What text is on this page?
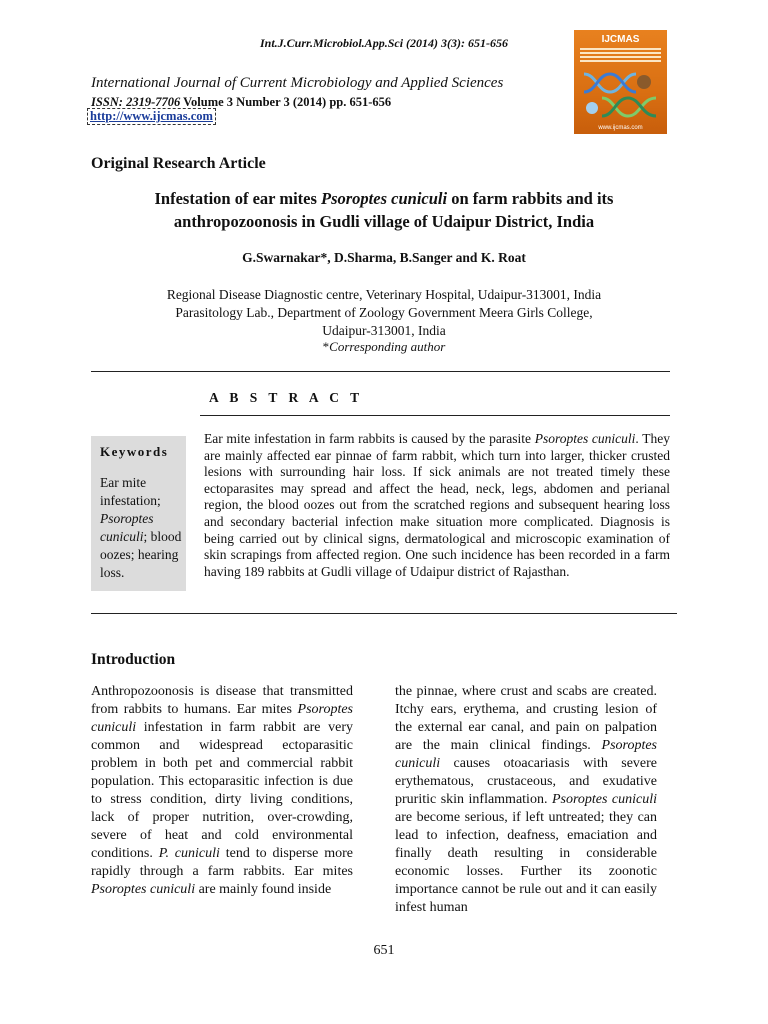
Int.J.Curr.Microbiol.App.Sci (2014) 3(3): 651-656
International Journal of Current Microbiology and Applied Sciences
ISSN: 2319-7706 Volume 3 Number 3 (2014) pp. 651-656
http://www.ijcmas.com
IJCMAS
www.ijcmas.com
Original Research Article
Infestation of ear mites Psoroptes cuniculi on farm rabbits and its anthropozoonosis in Gudli village of Udaipur District, India
G.Swarnakar*, D.Sharma, B.Sanger and K. Roat
Regional Disease Diagnostic centre, Veterinary Hospital, Udaipur-313001, India
Parasitology Lab., Department of Zoology Government Meera Girls College,
Udaipur-313001, India
*Corresponding author
A B S T R A C T
Keywords
Ear mite infestation; Psoroptes cuniculi; blood oozes; hearing loss.
Ear mite infestation in farm rabbits is caused by the parasite Psoroptes cuniculi. They are mainly affected ear pinnae of farm rabbit, which turn into larger, thicker crusted lesions with surrounding hair loss. If sick animals are not treated timely these ectoparasites may spread and affect the head, neck, legs, abdomen and perianal region, the blood oozes out from the scratched regions and subsequent hearing loss and secondary bacterial infection make situation more complicated. Diagnosis is being carried out by clinical signs, dermatological and microscopic examination of skin scrapings from affected region. One such incidence has been recorded in a farm having 189 rabbits at Gudli village of Udaipur district of Rajasthan.
Introduction
Anthropozoonosis is disease that transmitted from rabbits to humans. Ear mites Psoroptes cuniculi infestation in farm rabbit are very common and widespread ectoparasitic problem in both pet and commercial rabbit population. This ectoparasitic infection is due to stress condition, dirty living conditions, lack of proper nutrition, over-crowding, severe of heat and cold environmental conditions. P. cuniculi tend to disperse more rapidly through a farm rabbits. Ear mites Psoroptes cuniculi are mainly found inside
the pinnae, where crust and scabs are created. Itchy ears, erythema, and crusting lesion of the external ear canal, and pain on palpation are the main clinical findings. Psoroptes cuniculi causes otoacariasis with severe erythematous, crustaceous, and exudative pruritic skin inflammation. Psoroptes cuniculi are become serious, if left untreated; they can lead to infection, deafness, emaciation and finally death resulting in considerable economic losses. Further its zoonotic importance cannot be rule out and it can easily infest human
651
